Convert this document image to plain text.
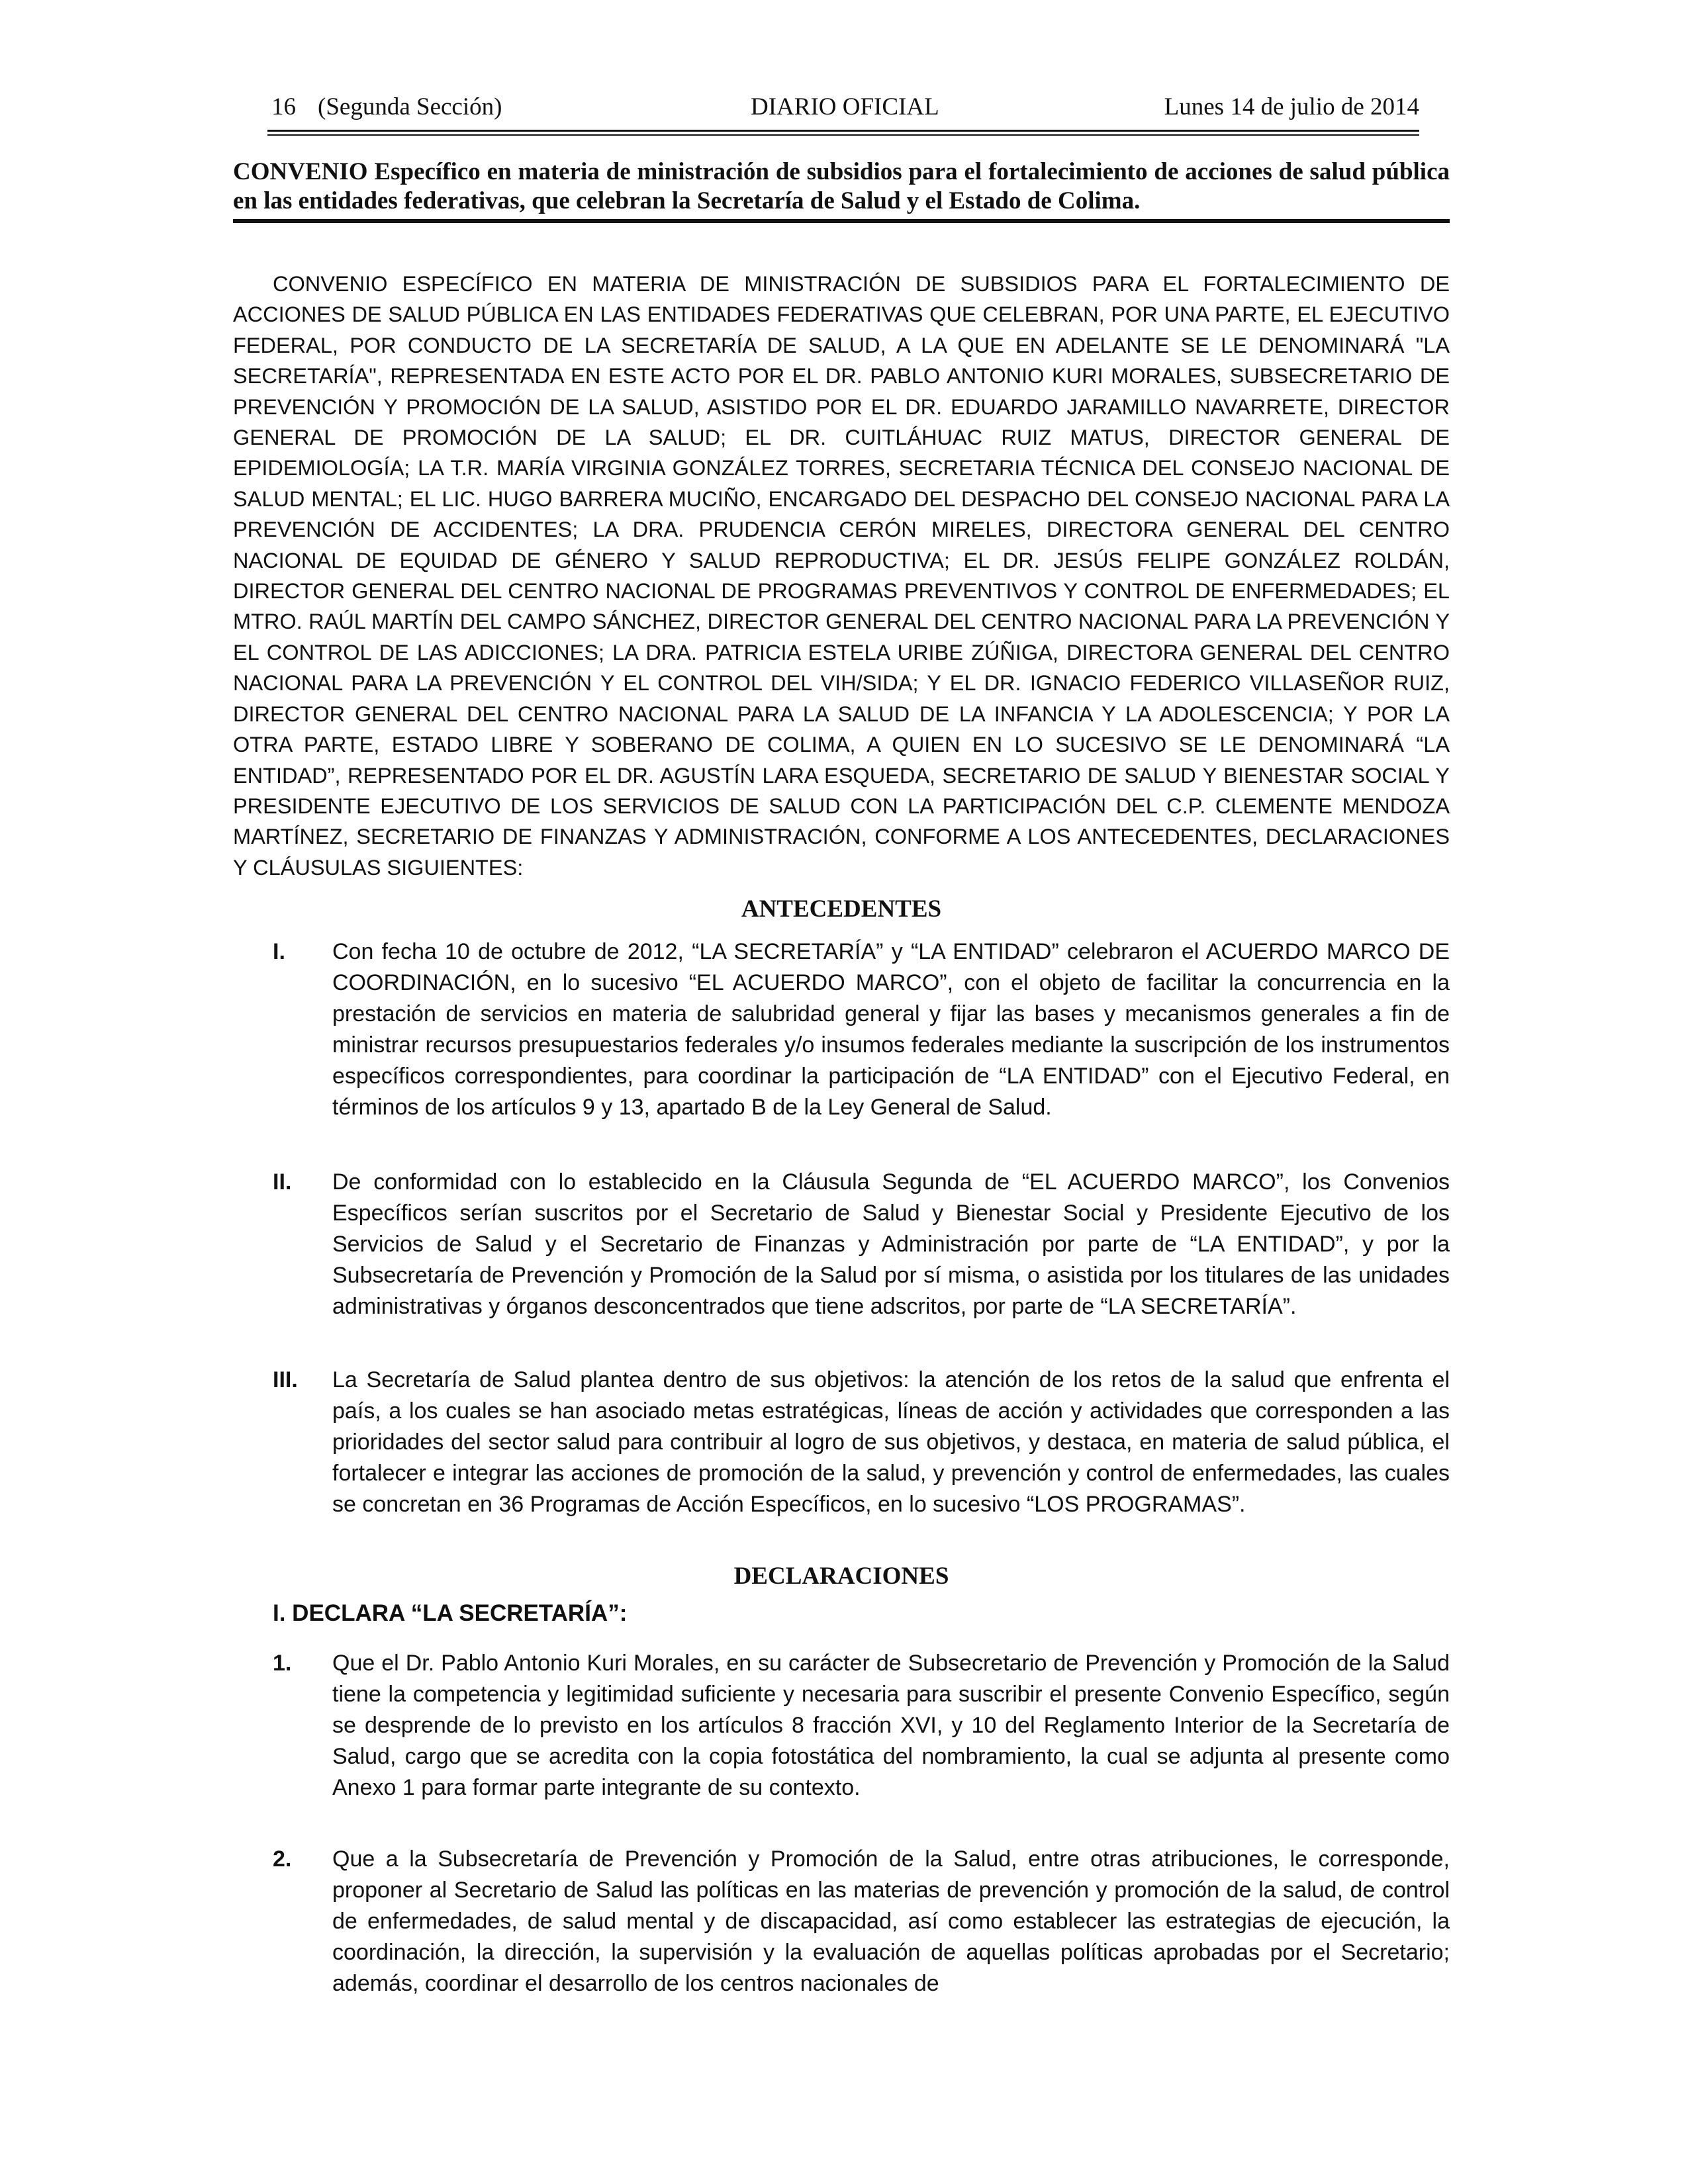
16 (Segunda Sección)	DIARIO OFICIAL	Lunes 14 de julio de 2014
CONVENIO Específico en materia de ministración de subsidios para el fortalecimiento de acciones de salud pública en las entidades federativas, que celebran la Secretaría de Salud y el Estado de Colima.

CONVENIO ESPECÍFICO EN MATERIA DE MINISTRACIÓN DE SUBSIDIOS PARA EL FORTALECIMIENTO DE ACCIONES DE SALUD PÚBLICA EN LAS ENTIDADES FEDERATIVAS QUE CELEBRAN, POR UNA PARTE, EL EJECUTIVO FEDERAL, POR CONDUCTO DE LA SECRETARÍA DE SALUD, A LA QUE EN ADELANTE SE LE DENOMINARÁ "LA SECRETARÍA", REPRESENTADA EN ESTE ACTO POR EL DR. PABLO ANTONIO KURI MORALES, SUBSECRETARIO DE PREVENCIÓN Y PROMOCIÓN DE LA SALUD, ASISTIDO POR EL DR. EDUARDO JARAMILLO NAVARRETE, DIRECTOR GENERAL DE PROMOCIÓN DE LA SALUD; EL DR. CUITLÁHUAC RUIZ MATUS, DIRECTOR GENERAL DE EPIDEMIOLOGÍA; LA T.R. MARÍA VIRGINIA GONZÁLEZ TORRES, SECRETARIA TÉCNICA DEL CONSEJO NACIONAL DE SALUD MENTAL; EL LIC. HUGO BARRERA MUCIÑO, ENCARGADO DEL DESPACHO DEL CONSEJO NACIONAL PARA LA PREVENCIÓN DE ACCIDENTES; LA DRA. PRUDENCIA CERÓN MIRELES, DIRECTORA GENERAL DEL CENTRO NACIONAL DE EQUIDAD DE GÉNERO Y SALUD REPRODUCTIVA; EL DR. JESÚS FELIPE GONZÁLEZ ROLDÁN, DIRECTOR GENERAL DEL CENTRO NACIONAL DE PROGRAMAS PREVENTIVOS Y CONTROL DE ENFERMEDADES; EL MTRO. RAÚL MARTÍN DEL CAMPO SÁNCHEZ, DIRECTOR GENERAL DEL CENTRO NACIONAL PARA LA PREVENCIÓN Y EL CONTROL DE LAS ADICCIONES; LA DRA. PATRICIA ESTELA URIBE ZÚÑIGA, DIRECTORA GENERAL DEL CENTRO NACIONAL PARA LA PREVENCIÓN Y EL CONTROL DEL VIH/SIDA; Y EL DR. IGNACIO FEDERICO VILLASEÑOR RUIZ, DIRECTOR GENERAL DEL CENTRO NACIONAL PARA LA SALUD DE LA INFANCIA Y LA ADOLESCENCIA; Y POR LA OTRA PARTE, ESTADO LIBRE Y SOBERANO DE COLIMA, A QUIEN EN LO SUCESIVO SE LE DENOMINARÁ “LA ENTIDAD”, REPRESENTADO POR EL DR. AGUSTÍN LARA ESQUEDA, SECRETARIO DE SALUD Y BIENESTAR SOCIAL Y PRESIDENTE EJECUTIVO DE LOS SERVICIOS DE SALUD CON LA PARTICIPACIÓN DEL C.P. CLEMENTE MENDOZA MARTÍNEZ, SECRETARIO DE FINANZAS Y ADMINISTRACIÓN, CONFORME A LOS ANTECEDENTES, DECLARACIONES Y CLÁUSULAS SIGUIENTES:

ANTECEDENTES
I. Con fecha 10 de octubre de 2012, “LA SECRETARÍA” y “LA ENTIDAD” celebraron el ACUERDO MARCO DE COORDINACIÓN, en lo sucesivo “EL ACUERDO MARCO”, con el objeto de facilitar la concurrencia en la prestación de servicios en materia de salubridad general y fijar las bases y mecanismos generales a fin de ministrar recursos presupuestarios federales y/o insumos federales mediante la suscripción de los instrumentos específicos correspondientes, para coordinar la participación de “LA ENTIDAD” con el Ejecutivo Federal, en términos de los artículos 9 y 13, apartado B de la Ley General de Salud.

II. De conformidad con lo establecido en la Cláusula Segunda de “EL ACUERDO MARCO”, los Convenios Específicos serían suscritos por el Secretario de Salud y Bienestar Social y Presidente Ejecutivo de los Servicios de Salud y el Secretario de Finanzas y Administración por parte de “LA ENTIDAD”, y por la Subsecretaría de Prevención y Promoción de la Salud por sí misma, o asistida por los titulares de las unidades administrativas y órganos desconcentrados que tiene adscritos, por parte de “LA SECRETARÍA”.

III. La Secretaría de Salud plantea dentro de sus objetivos: la atención de los retos de la salud que enfrenta el país, a los cuales se han asociado metas estratégicas, líneas de acción y actividades que corresponden a las prioridades del sector salud para contribuir al logro de sus objetivos, y destaca, en materia de salud pública, el fortalecer e integrar las acciones de promoción de la salud, y prevención y control de enfermedades, las cuales se concretan en 36 Programas de Acción Específicos, en lo sucesivo “LOS PROGRAMAS”.

DECLARACIONES
I. DECLARA “LA SECRETARÍA”:
1. Que el Dr. Pablo Antonio Kuri Morales, en su carácter de Subsecretario de Prevención y Promoción de la Salud tiene la competencia y legitimidad suficiente y necesaria para suscribir el presente Convenio Específico, según se desprende de lo previsto en los artículos 8 fracción XVI, y 10 del Reglamento Interior de la Secretaría de Salud, cargo que se acredita con la copia fotostática del nombramiento, la cual se adjunta al presente como Anexo 1 para formar parte integrante de su contexto.

2. Que a la Subsecretaría de Prevención y Promoción de la Salud, entre otras atribuciones, le corresponde, proponer al Secretario de Salud las políticas en las materias de prevención y promoción de la salud, de control de enfermedades, de salud mental y de discapacidad, así como establecer las estrategias de ejecución, la coordinación, la dirección, la supervisión y la evaluación de aquellas políticas aprobadas por el Secretario; además, coordinar el desarrollo de los centros nacionales de
